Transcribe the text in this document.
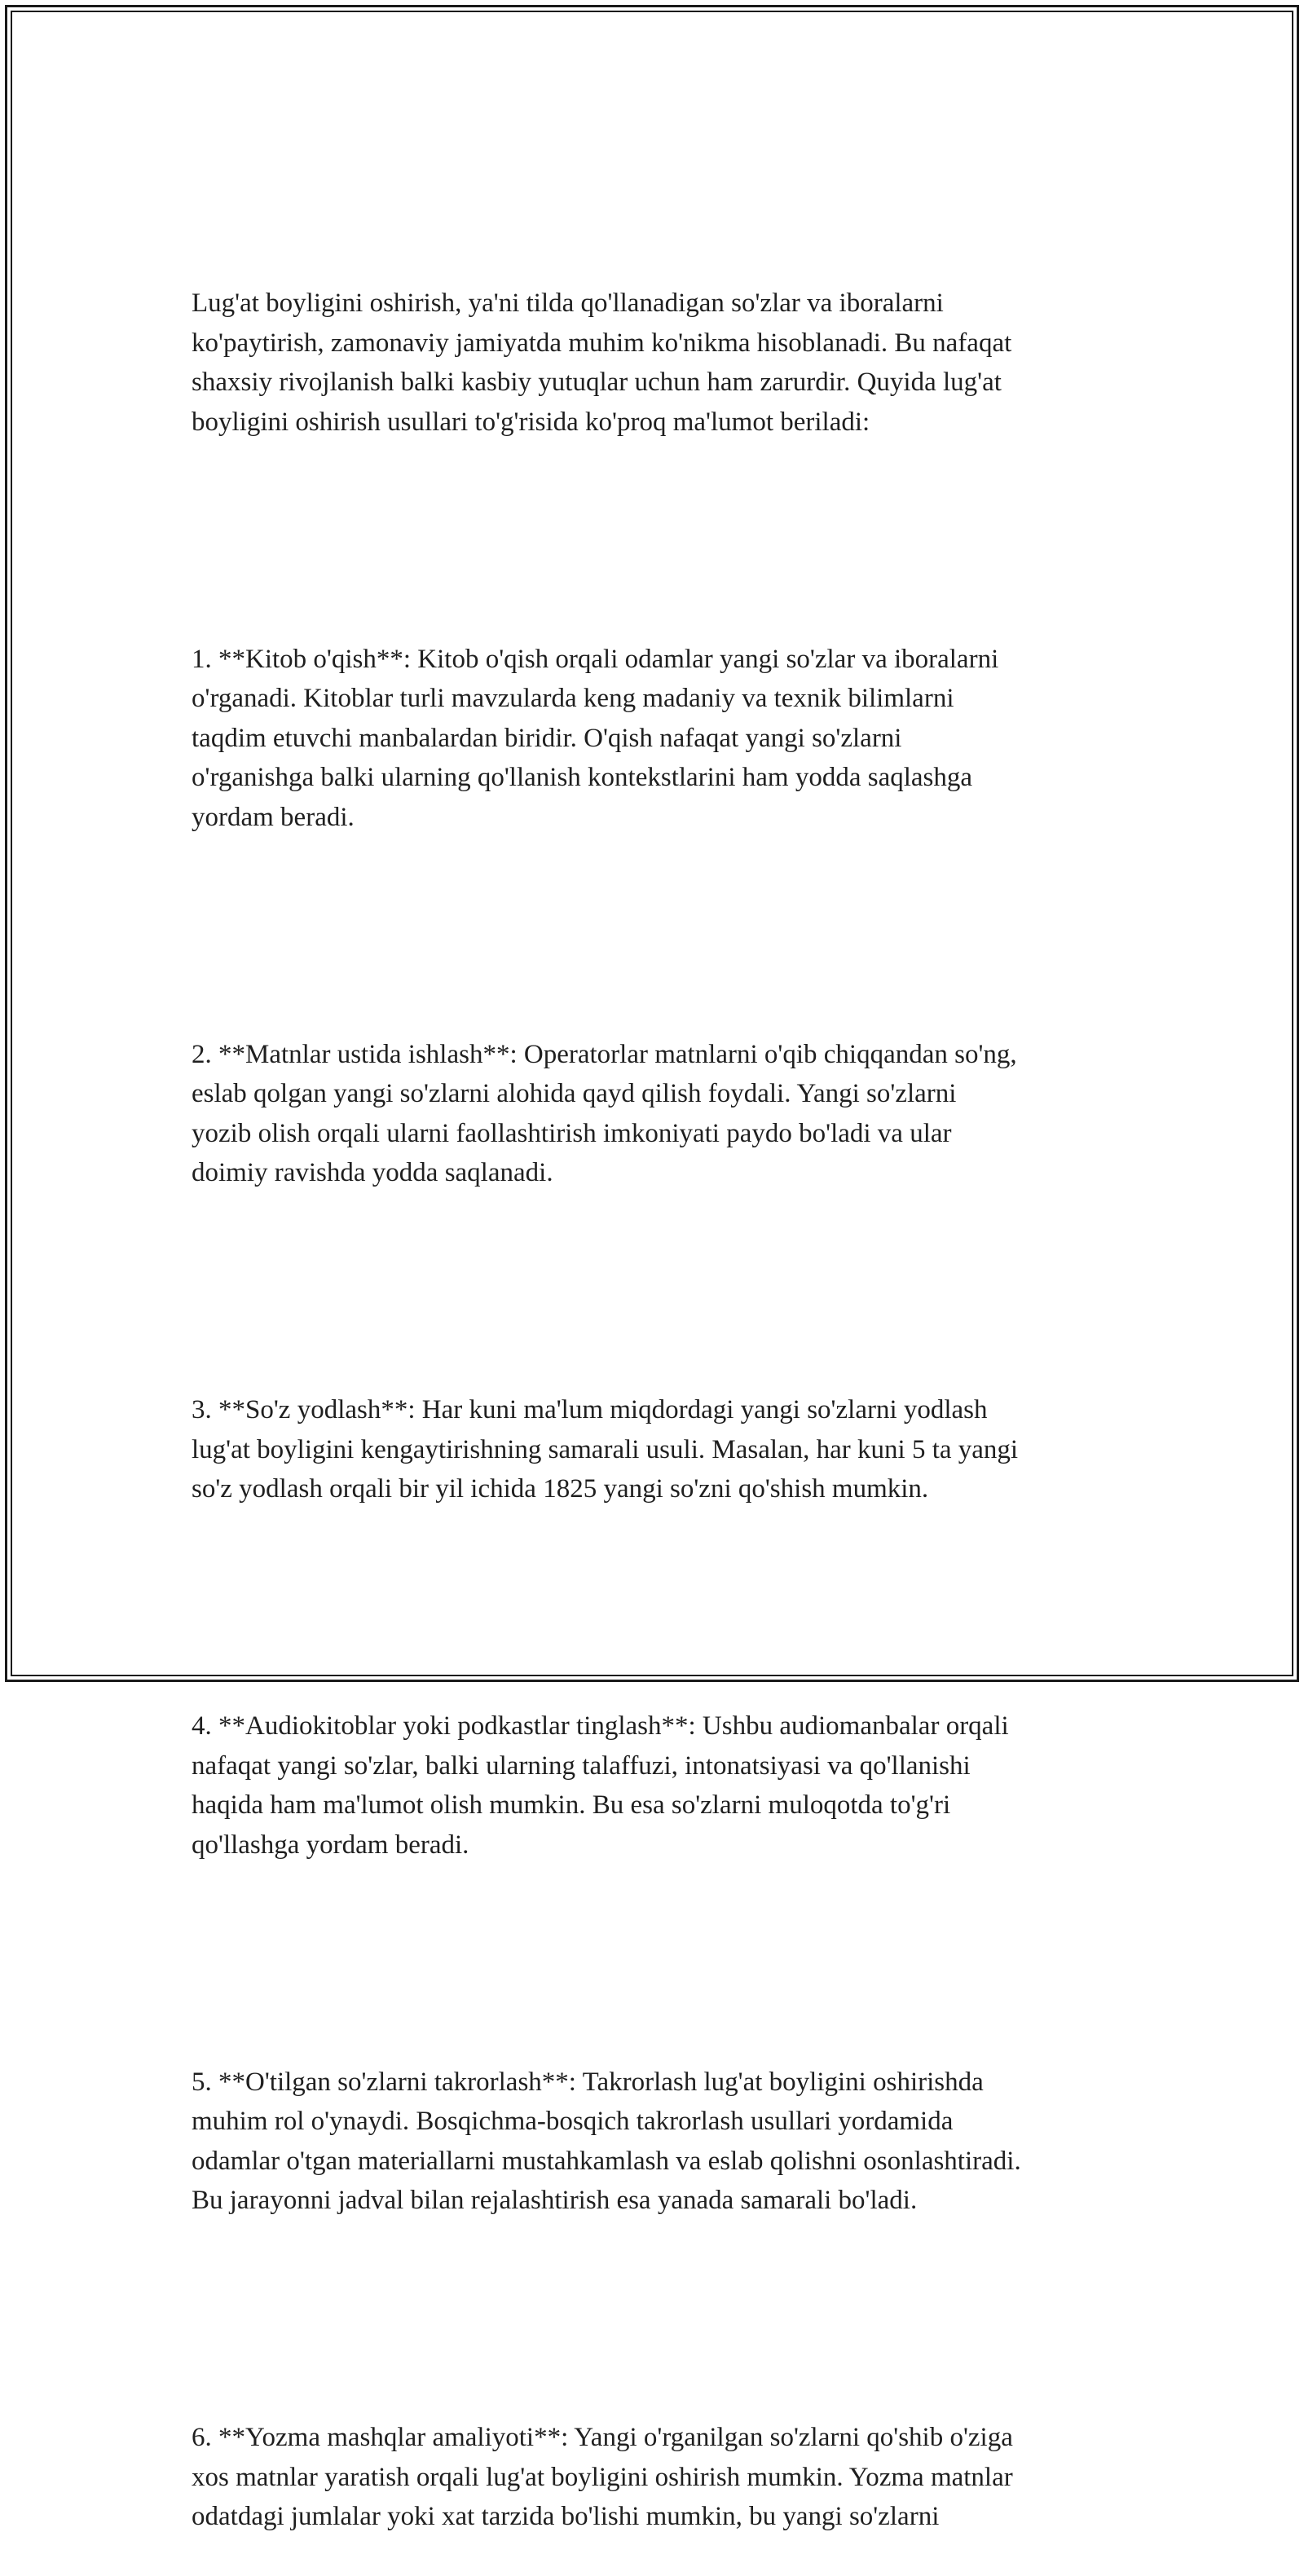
Lug'at boyligini oshirish, ya'ni tilda qo'llanadigan so'zlar va iboralarni
ko'paytirish, zamonaviy jamiyatda muhim ko'nikma hisoblanadi. Bu nafaqat
shaxsiy rivojlanish balki kasbiy yutuqlar uchun ham zarurdir. Quyida lug'at
boyligini oshirish usullari to'g'risida ko'proq ma'lumot beriladi:

1. **Kitob o'qish**: Kitob o'qish orqali odamlar yangi so'zlar va iboralarni
o'rganadi. Kitoblar turli mavzularda keng madaniy va texnik bilimlarni
taqdim etuvchi manbalardan biridir. O'qish nafaqat yangi so'zlarni
o'rganishga balki ularning qo'llanish kontekstlarini ham yodda saqlashga
yordam beradi.

2. **Matnlar ustida ishlash**: Operatorlar matnlarni o'qib chiqqandan so'ng,
eslab qolgan yangi so'zlarni alohida qayd qilish foydali. Yangi so'zlarni
yozib olish orqali ularni faollashtirish imkoniyati paydo bo'ladi va ular
doimiy ravishda yodda saqlanadi.

3. **So'z yodlash**: Har kuni ma'lum miqdordagi yangi so'zlarni yodlash
lug'at boyligini kengaytirishning samarali usuli. Masalan, har kuni 5 ta yangi
so'z yodlash orqali bir yil ichida 1825 yangi so'zni qo'shish mumkin.

4. **Audiokitoblar yoki podkastlar tinglash**: Ushbu audiomanbalar orqali
nafaqat yangi so'zlar, balki ularning talaffuzi, intonatsiyasi va qo'llanishi
haqida ham ma'lumot olish mumkin. Bu esa so'zlarni muloqotda to'g'ri
qo'llashga yordam beradi.

5. **O'tilgan so'zlarni takrorlash**: Takrorlash lug'at boyligini oshirishda
muhim rol o'ynaydi. Bosqichma-bosqich takrorlash usullari yordamida
odamlar o'tgan materiallarni mustahkamlash va eslab qolishni osonlashtiradi.
Bu jarayonni jadval bilan rejalashtirish esa yanada samarali bo'ladi.

6. **Yozma mashqlar amaliyoti**: Yangi o'rganilgan so'zlarni qo'shib o'ziga
xos matnlar yaratish orqali lug'at boyligini oshirish mumkin. Yozma matnlar
odatdagi jumlalar yoki xat tarzida bo'lishi mumkin, bu yangi so'zlarni
